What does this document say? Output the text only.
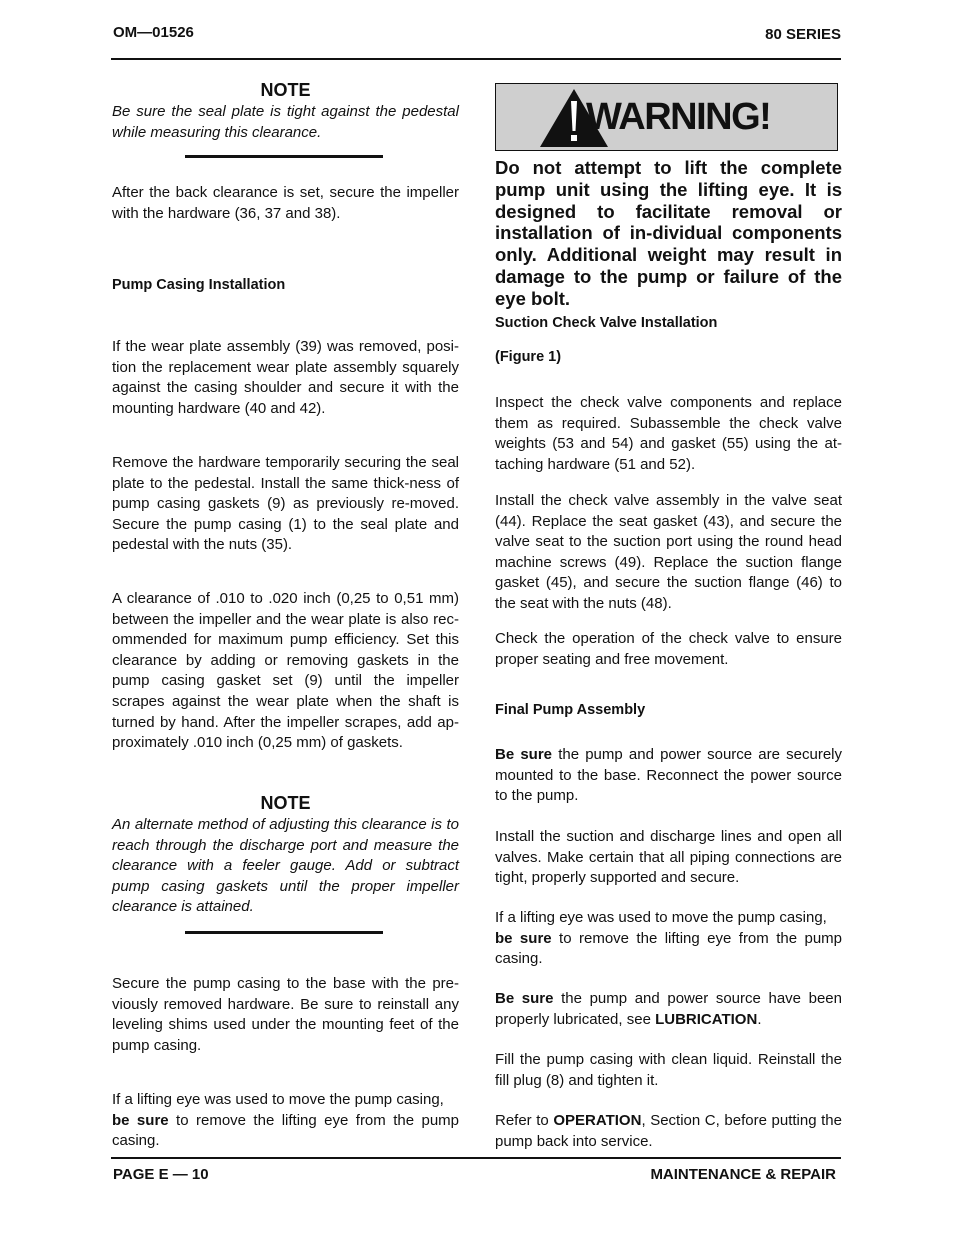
OM—01526	80 SERIES

NOTE

Be sure the seal plate is tight against the pedestal while measuring this clearance.

After the back clearance is set, secure the impeller with the hardware (36, 37 and 38).

Pump Casing Installation

If the wear plate assembly (39) was removed, posi-tion the replacement wear plate assembly squarely against the casing shoulder and secure it with the mounting hardware (40 and 42).

Remove the hardware temporarily securing the seal plate to the pedestal. Install the same thick-ness of pump casing gaskets (9) as previously re-moved. Secure the pump casing (1) to the seal plate and pedestal with the nuts (35).

A clearance of .010 to .020 inch (0,25 to 0,51 mm) between the impeller and the wear plate is also rec-ommended for maximum pump efficiency. Set this clearance by adding or removing gaskets in the pump casing gasket set (9) until the impeller scrapes against the wear plate when the shaft is turned by hand. After the impeller scrapes, add ap-proximately .010 inch (0,25 mm) of gaskets.

NOTE

An alternate method of adjusting this clearance is to reach through the discharge port and measure the clearance with a feeler gauge. Add or subtract pump casing gaskets until the proper impeller clearance is attained.

Secure the pump casing to the base with the pre-viously removed hardware. Be sure to reinstall any leveling shims used under the mounting feet of the pump casing.

If a lifting eye was used to move the pump casing,
be sure to remove the lifting eye from the pump casing.

WARNING!

Do not attempt to lift the complete pump unit using the lifting eye. It is designed to facilitate removal or installation of in-dividual components only. Additional weight may result in damage to the pump or failure of the eye bolt.

Suction Check Valve Installation

(Figure 1)

Inspect the check valve components and replace them as required. Subassemble the check valve weights (53 and 54) and gasket (55) using the at-taching hardware (51 and 52).

Install the check valve assembly in the valve seat (44). Replace the seat gasket (43), and secure the valve seat to the suction port using the round head machine screws (49). Replace the suction flange gasket (45), and secure the suction flange (46) to the seat with the nuts (48).

Check the operation of the check valve to ensure proper seating and free movement.

Final Pump Assembly

Be sure the pump and power source are securely mounted to the base. Reconnect the power source to the pump.

Install the suction and discharge lines and open all valves. Make certain that all piping connections are tight, properly supported and secure.

If a lifting eye was used to move the pump casing,
be sure to remove the lifting eye from the pump casing.

Be sure the pump and power source have been properly lubricated, see LUBRICATION.

Fill the pump casing with clean liquid. Reinstall the fill plug (8) and tighten it.

Refer to OPERATION, Section C, before putting the pump back into service.

PAGE E — 10	MAINTENANCE & REPAIR
